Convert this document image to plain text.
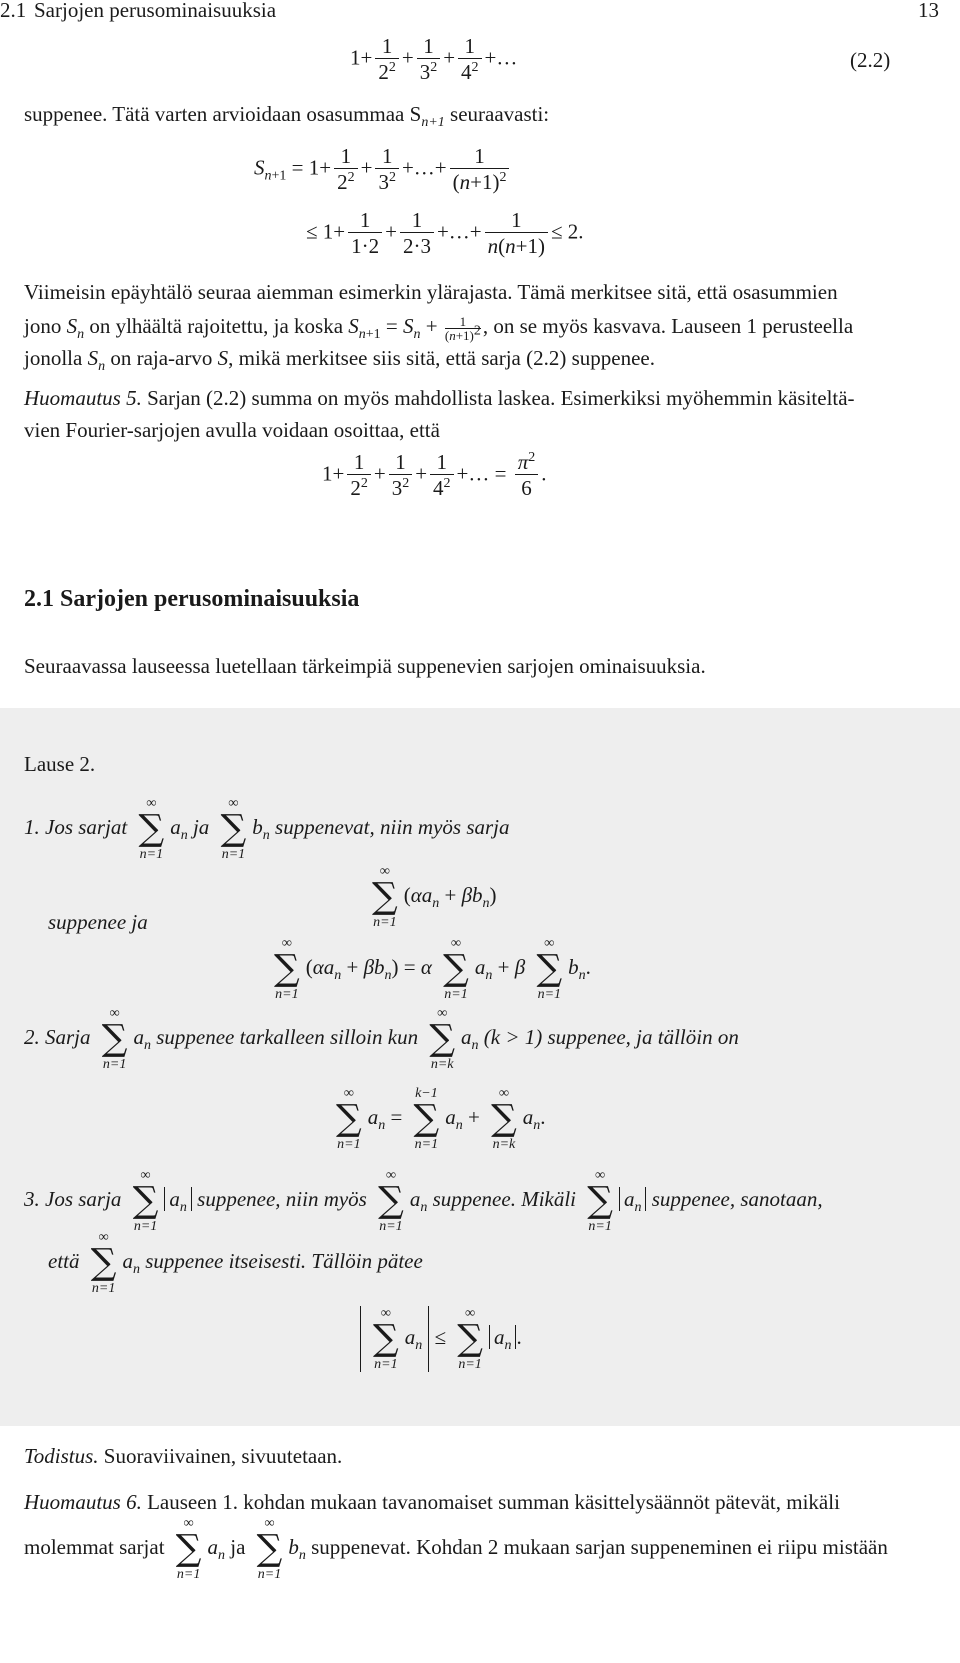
2.1 Sarjojen perusominaisuuksia	13
$1+ \frac{1}{2^2} + \frac{1}{3^2} + \frac{1}{4^2}$ +…	(2.2)
suppenee. Tätä varten arvioidaan osasummaa $S_{n+1}$ seuraavasti:
$S_{n+1} = 1+ \frac{1}{2^2} + \frac{1}{3^2}$ +…+ $\frac{1}{(n+1)^2}$
≤ $1+ \frac{1}{1\cdot 2} + \frac{1}{2\cdot 3}$ +…+ $\frac{1}{n(n+1)} \le 2$.
Viimeisin epäyhtälö seuraa aiemman esimerkin ylärajasta. Tämä merkitsee sitä, että osasummien
jono $S_n$ on ylhäältä rajoitettu, ja koska $S_{n+1} = S_n + \frac{1}{(n+1)^2}$ , on se myös kasvava. Lauseen 1 perusteella
jonolla $S_n$ on raja-arvo S, mikä merkitsee siis sitä, että sarja (2.2) suppenee.
Huomautus 5. Sarjan (2.2) summa on myös mahdollista laskea. Esimerkiksi myöhemmin käsiteltä-
vien Fourier-sarjojen avulla voidaan osoittaa, että
$1+ \frac{1}{2^2} + \frac{1}{3^2} + \frac{1}{4^2}$ +… = $\frac{\pi^2}{6}$ .
2.1 Sarjojen perusominaisuuksia
Seuraavassa lauseessa luetellaan tärkeimpiä suppenevien sarjojen ominaisuuksia.
Lause 2.
1. Jos sarjat
∞
∑
n=1
$a_n$ ja
∞
∑
n=1
$b_n$ suppenevat, niin myös sarja
∞
∑
n=1
$(\alpha a_n + \beta b_n)$
suppenee ja
∞
∑
n=1
$(\alpha a_n + \beta b_n) = \alpha$
∞
∑
n=1
$a_n + \beta$
∞
∑
n=1
$b_n$.
2. Sarja
∞
∑
n=1
$a_n$ suppenee tarkalleen silloin kun
∞
∑
n=k
$a_n$ (k > 1) suppenee, ja tällöin on
∞
∑
n=1
$a_n$ =
k−1
∑
n=1
$a_n$ +
∞
∑
n=k
$a_n$.
3. Jos sarja
∞
∑
n=1
$a_n$ suppenee, niin myös
∞
∑
n=1
$a_n$ suppenee. Mikäli
∞
∑
n=1
$a_n$ suppenee, sanotaan,
että
∞
∑
n=1
$a_n$ suppenee itseisesti. Tällöin pätee
∞
∑
n=1
$a_n$ ≤
∞
∑
n=1
$a_n$ .
Todistus. Suoraviivainen, sivuutetaan.
Huomautus 6. Lauseen 1. kohdan mukaan tavanomaiset summan käsittelysäännöt pätevät, mikäli
molemmat sarjat
∞
∑
n=1
$a_n$ ja
∞
∑
n=1
$b_n$ suppenevat. Kohdan 2 mukaan sarjan suppeneminen ei riipu mistään
